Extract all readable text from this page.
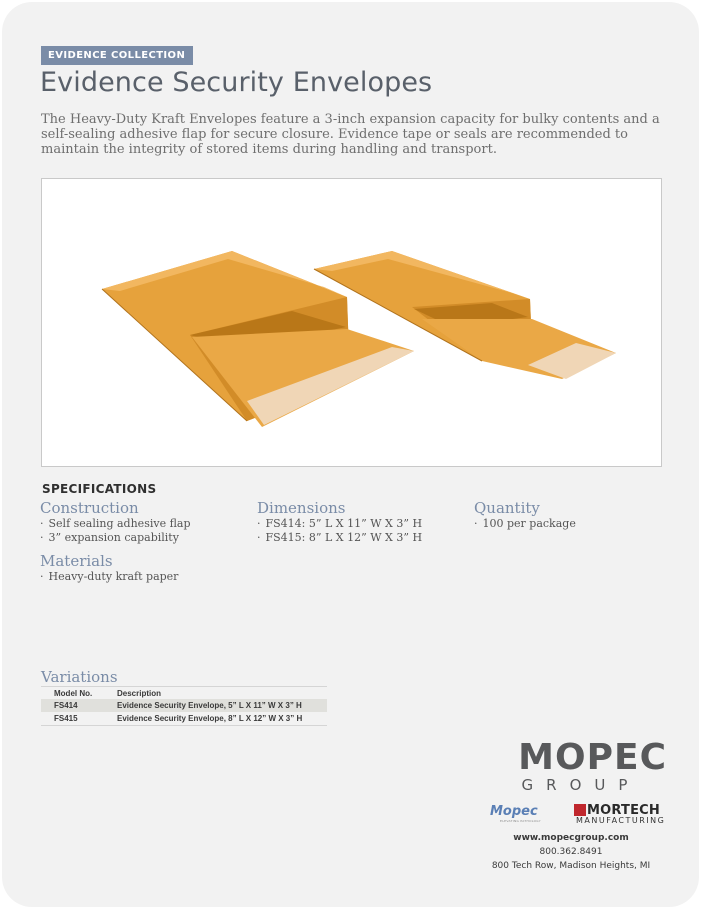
EVIDENCE COLLECTION
Evidence Security Envelopes

The Heavy-Duty Kraft Envelopes feature a 3-inch expansion capacity for bulky contents and a self-sealing adhesive flap for secure closure. Evidence tape or seals are recommended to maintain the integrity of stored items during handling and transport.

SPECIFICATIONS
Construction
· Self sealing adhesive flap
· 3” expansion capability
Dimensions
· FS414: 5” L X 11” W X 3” H
· FS415: 8” L X 12” W X 3” H
Quantity
· 100 per package
Materials
· Heavy-duty kraft paper
Variations
Model No.	Description
FS414	Evidence Security Envelope, 5” L X 11” W X 3” H
FS415	Evidence Security Envelope, 8” L X 12” W X 3” H
MOPEC
GROUP
Mopec
ELEVATING PATHOLOGY
MORTECH
MANUFACTURING
www.mopecgroup.com
800.362.8491
800 Tech Row, Madison Heights, MI
